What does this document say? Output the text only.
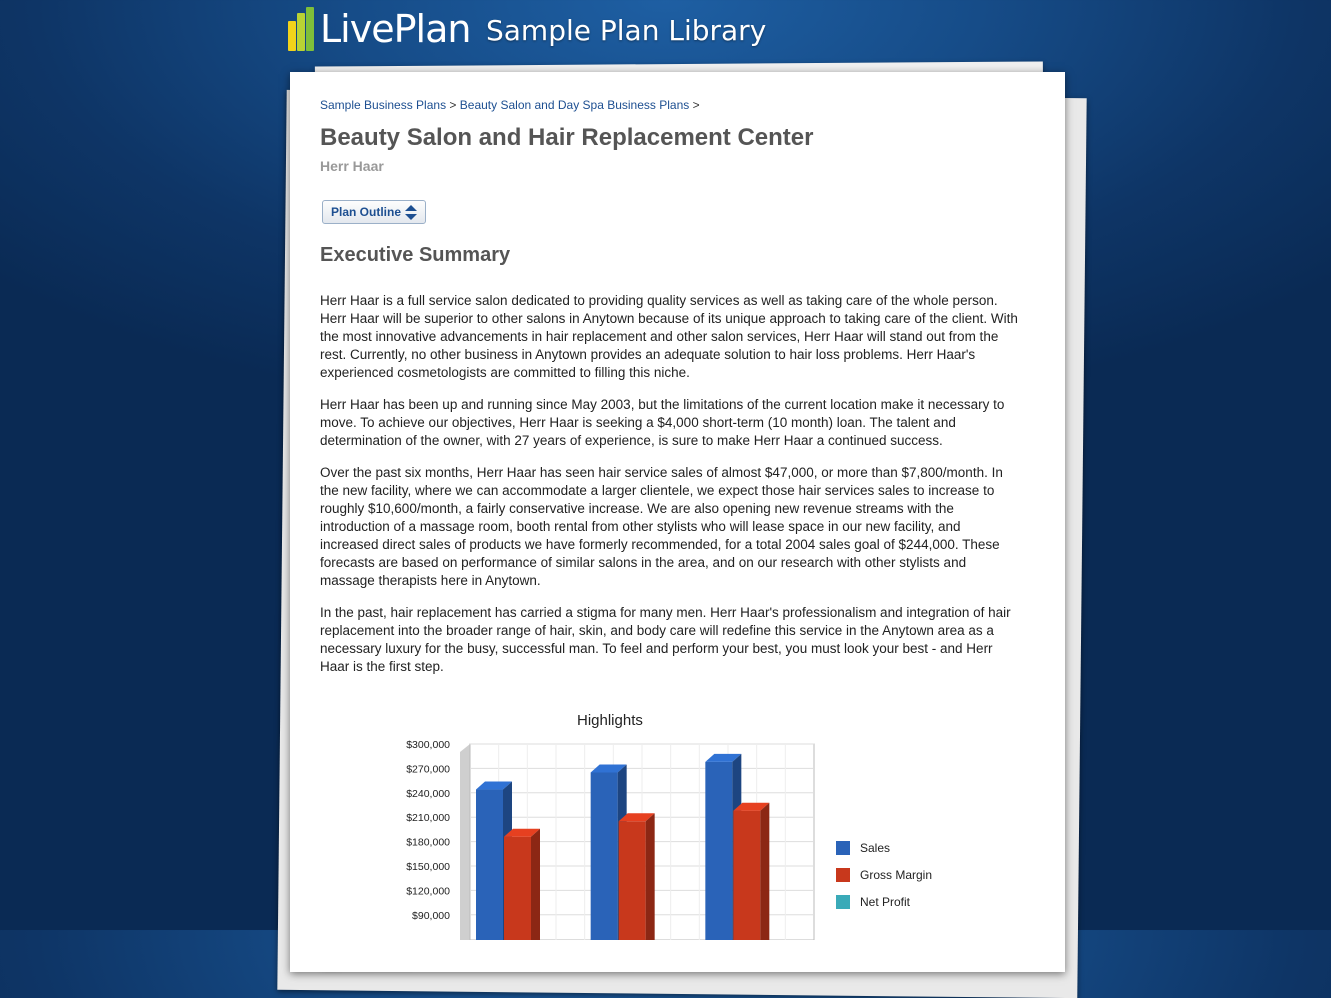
LivePlan Sample Plan Library
Sample Business Plans > Beauty Salon and Day Spa Business Plans >
Beauty Salon and Hair Replacement Center
Herr Haar
Plan Outline
Executive Summary

Herr Haar is a full service salon dedicated to providing quality services as well as taking care of the whole person. Herr Haar will be superior to other salons in Anytown because of its unique approach to taking care of the client. With the most innovative advancements in hair replacement and other salon services, Herr Haar will stand out from the rest. Currently, no other business in Anytown provides an adequate solution to hair loss problems. Herr Haar's experienced cosmetologists are committed to filling this niche.

Herr Haar has been up and running since May 2003, but the limitations of the current location make it necessary to move. To achieve our objectives, Herr Haar is seeking a $4,000 short-term (10 month) loan. The talent and determination of the owner, with 27 years of experience, is sure to make Herr Haar a continued success.

Over the past six months, Herr Haar has seen hair service sales of almost $47,000, or more than $7,800/month. In the new facility, where we can accommodate a larger clientele, we expect those hair services sales to increase to roughly $10,600/month, a fairly conservative increase. We are also opening new revenue streams with the introduction of a massage room, booth rental from other stylists who will lease space in our new facility, and increased direct sales of products we have formerly recommended, for a total 2004 sales goal of $244,000. These forecasts are based on performance of similar salons in the area, and on our research with other stylists and massage therapists here in Anytown.

In the past, hair replacement has carried a stigma for many men. Herr Haar's professionalism and integration of hair replacement into the broader range of hair, skin, and body care will redefine this service in the Anytown area as a necessary luxury for the busy, successful man. To feel and perform your best, you must look your best - and Herr Haar is the first step.

Highlights
$300,000
$270,000
$240,000
$210,000
$180,000
$150,000
$120,000
$90,000
Sales
Gross Margin
Net Profit
